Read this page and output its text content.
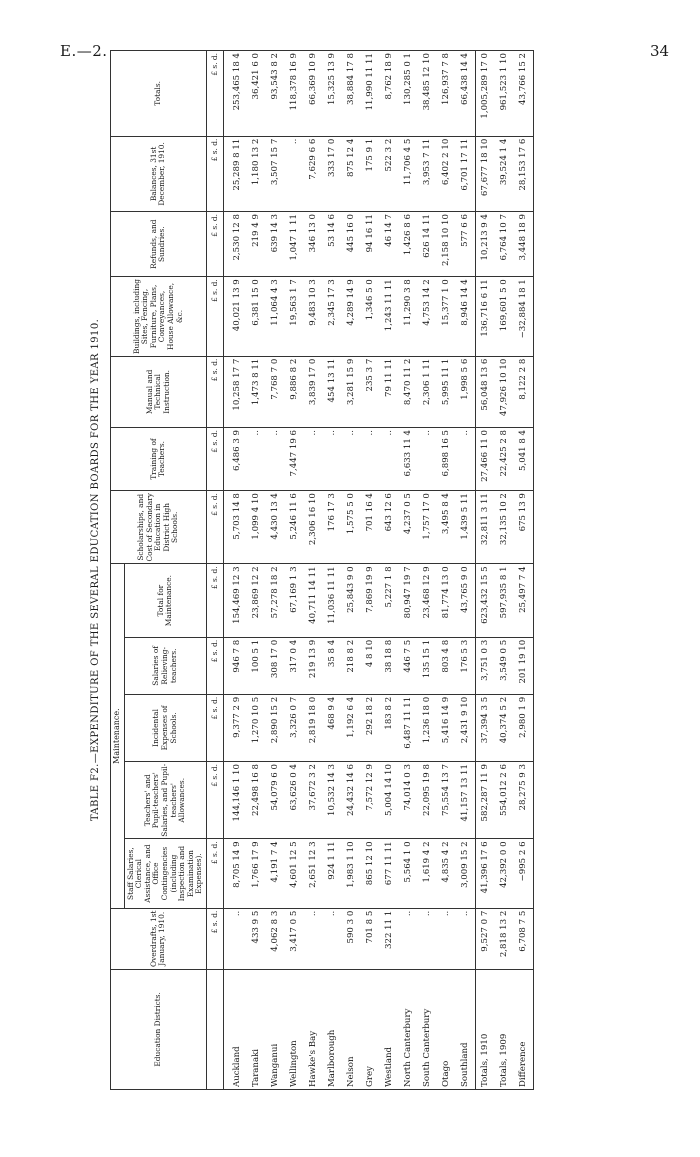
E.—2.	34
TABLE F2.—EXPENDITURE OF THE SEVERAL EDUCATION BOARDS FOR THE YEAR 1910.
Education Districts.	Overdrafts, 1st January, 1910.	Maintenance.					Scholarships, and Cost of Secondary Education in District High Schools.	Training of Teachers.	Manual and Technical Instruction.	Buildings, including Sites, Fencing, Furniture, Plans, Conveyances, House Allowance, &c.	Refunds, and Sundries.	Balances, 31st December, 1910.	Totals.
		Staff Salaries, Clerical Assistance, and Office Contingencies (including Inspection and Examination Expenses).	Teachers' and Pupil-teachers' Salaries, and Pupil-teachers' Allowances.	Incidental Expenses of Schools.	Salaries of Relieving-teachers.	Total for Maintenance.							
	£ s. d.	£ s. d.	£ s. d.	£ s. d.	£ s. d.	£ s. d.	£ s. d.	£ s. d.	£ s. d.	£ s. d.	£ s. d.	£ s. d.	£ s. d.
Auckland	..	8,705 14 9	144,146 1 10	9,377 2 9	946 7 8	154,469 12 3	5,703 14 8	6,486 3 9	10,258 17 7	40,021 13 9	2,530 12 8	25,289 8 11	253,465 18 4
Taranaki	433 9 5	1,766 17 9	22,498 16 8	1,270 10 5	100 5 1	23,869 12 2	1,099 4 10	..	1,473 8 11	6,381 15 0	219 4 9	1,180 13 2	36,421 6 0
Wanganui	4,062 8 3	4,191 7 4	54,079 6 0	2,890 15 2	308 17 0	57,278 18 2	4,430 13 4	..	7,768 7 0	11,064 4 3	639 14 3	3,507 15 7	93,543 8 2
Wellington	3,417 0 5	4,601 12 5	63,626 0 4	3,326 0 7	317 0 4	67,169 1 3	5,246 11 6	7,447 19 6	9,886 8 2	19,563 1 7	1,047 1 11	..	118,378 16 9
Hawke's Bay	..	2,651 12 3	37,672 3 2	2,819 18 0	219 13 9	40,711 14 11	2,306 16 10	..	3,839 17 0	9,483 10 3	346 13 0	7,629 6 6	66,369 10 9
Marlborough	..	924 1 11	10,532 14 3	468 9 4	35 8 4	11,036 11 11	176 17 3	..	454 13 11	2,345 17 3	53 14 6	333 17 0	15,325 13 9
Nelson	590 3 0	1,983 1 10	24,432 14 6	1,192 6 4	218 8 2	25,843 9 0	1,575 5 0	..	3,281 15 9	4,289 14 9	445 16 0	875 12 4	38,884 17 8
Grey	701 8 5	865 12 10	7,572 12 9	292 18 2	4 8 10	7,869 19 9	701 16 4	..	235 3 7	1,346 5 0	94 16 11	175 9 1	11,990 11 11
Westland	322 11 1	677 11 11	5,004 14 10	183 8 2	38 18 8	5,227 1 8	643 12 6	..	79 11 11	1,243 11 11	46 14 7	522 3 2	8,762 18 9
North Canterbury	..	5,564 1 0	74,014 0 3	6,487 11 11	446 7 5	80,947 19 7	4,237 0 5	6,633 11 4	8,470 11 2	11,290 3 8	1,426 8 6	11,706 4 5	130,285 0 1
South Canterbury	..	1,619 4 2	22,095 19 8	1,236 18 0	135 15 1	23,468 12 9	1,757 17 0	..	2,306 1 11	4,753 14 2	626 14 11	3,953 7 11	38,485 12 10
Otago	..	4,835 4 2	75,554 13 7	5,416 14 9	803 4 8	81,774 13 0	3,495 8 4	6,898 16 5	5,995 11 1	15,377 1 0	2,158 10 10	6,402 2 10	126,937 7 8
Southland	..	3,009 15 2	41,157 13 11	2,431 9 10	176 5 3	43,765 9 0	1,439 5 11	..	1,998 5 6	8,946 14 4	577 6 6	6,701 17 11	66,438 14 4
Totals, 1910	9,527 0 7	41,396 17 6	582,287 11 9	37,394 3 5	3,751 0 3	623,432 15 5	32,811 3 11	27,466 11 0	56,048 13 6	136,716 6 11	10,213 9 4	67,677 18 10	1,005,289 17 0
Totals, 1909	2,818 13 2	42,392 0 0	554,012 2 6	40,374 5 2	3,549 0 5	597,935 8 1	32,135 10 2	22,425 2 8	47,926 10 10	169,601 5 0	6,764 10 7	39,524 1 4	961,523 1 10
Difference	6,708 7 5	−995 2 6	28,275 9 3	2,980 1 9	201 19 10	25,497 7 4	675 13 9	5,041 8 4	8,122 2 8	−32,884 18 1	3,448 18 9	28,153 17 6	43,766 15 2
